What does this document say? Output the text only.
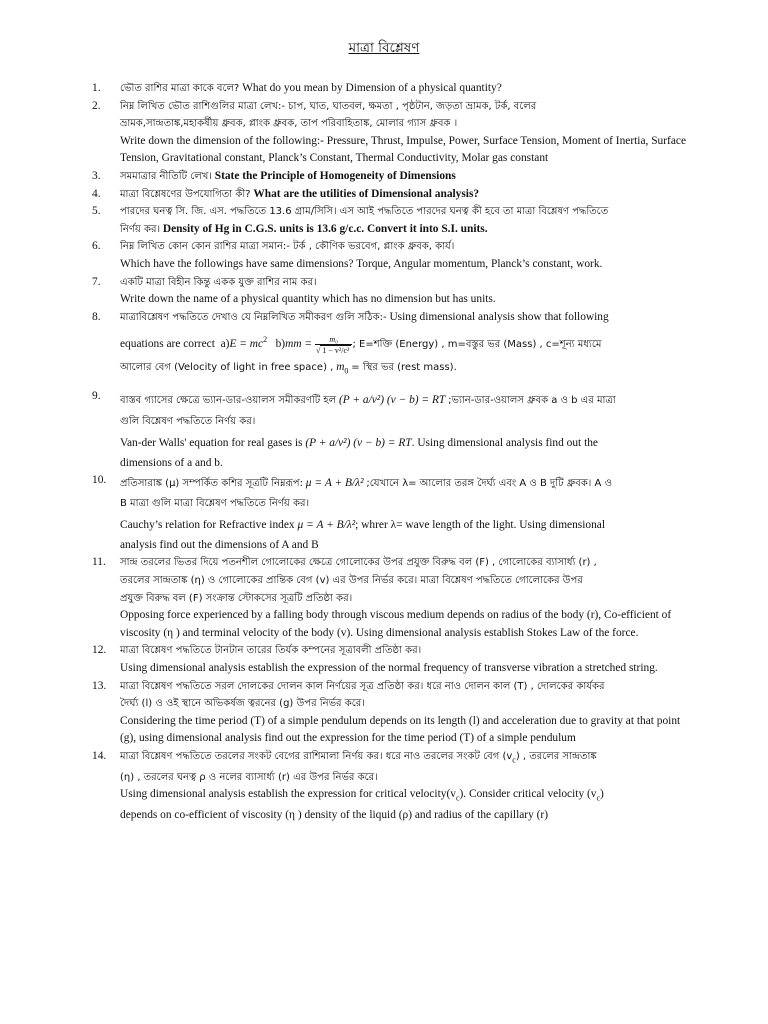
মাত্রা বিশ্লেষণ
1. ভৌত রাশির মাত্রা কাকে বলে? What do you mean by Dimension of a physical quantity?
2. নিম্ন লিখিত ভৌত রাশিগুলির মাত্রা লেখ:- চাপ, ঘাত, ঘাতবল, ক্ষমতা , পৃষ্ঠটান, জড়তা ভ্রামক, টর্ক, বলের
ভ্রামক,সান্দ্রতাঙ্ক,মহাকর্ষীয় ধ্রুবক, প্লাংক ধ্রুবক, তাপ পরিবাহিতাঙ্ক, মোলার গ্যাস ধ্রুবক ।
Write down the dimension of the following:- Pressure, Thrust, Impulse, Power, Surface Tension, Moment of Inertia, Surface Tension, Gravitational constant, Planck’s Constant, Thermal Conductivity, Molar gas constant
3. সমমাত্রার নীতিটি লেখ। State the Principle of Homogeneity of Dimensions
4. মাত্রা বিশ্লেষণের উপযোগিতা কী? What are the utilities of Dimensional analysis?
5. পারদের ঘনত্ব সি. জি. এস. পদ্ধতিতে 13.6 গ্রাম/সিসি। এস আই পদ্ধতিতে পারদের ঘনত্ব কী হবে তা মাত্রা বিশ্লেষণ পদ্ধতিতে
নির্ণয় কর। Density of Hg in C.G.S. units is 13.6 g/c.c. Convert it into S.I. units.
6. নিম্ন লিখিত কোন কোন রাশির মাত্রা সমান:- টর্ক , কৌণিক ভরবেগ, প্লাংক ধ্রুবক, কার্য।
Which have the followings have same dimensions? Torque, Angular momentum, Planck’s constant, work.
7. একটি মাত্রা বিহীন কিন্তু একক যুক্ত রাশির নাম কর।
Write down the name of a physical quantity which has no dimension but has units.
8. মাত্রাবিশ্লেষণ পদ্ধতিতে দেখাও যে নিম্নলিখিত সমীকরণ গুলি সঠিক:- Using dimensional analysis show that following
equations are correct $a)E = mc^2$ $b)mm = \frac{\text{m₀}}{\text{√ 1 − v²/c²}}$ ; E=শক্তি (Energy) , m=বস্তুর ভর (Mass) , c=শূন্য মধ্যমে
আলোর বেগ (Velocity of light in free space) , $m_0$ = স্থির ভর (rest mass).
9. বাস্তব গ্যাসের ক্ষেত্রে ভ্যান-ডার-ওয়ালস সমীকরণটি হল (P + a/v²) (v − b) = RT ;ভ্যান-ডার-ওয়ালস ধ্রুবক a ও b এর মাত্রা
গুলি বিশ্লেষণ পদ্ধতিতে নির্ণয় কর।
Van-der Walls' equation for real gases is (P + a/v²) (v − b) = RT. Using dimensional analysis find out the
dimensions of a and b.
10. প্রতিসারাঙ্ক (μ) সম্পর্কিত কশির সূত্রটি নিম্নরূপ: μ = A + B/λ² ;যেখানে λ= আলোর তরঙ্গ দৈর্ঘ্য এবং A ও B দুটি ধ্রুবক। A ও
B মাত্রা গুলি মাত্রা বিশ্লেষণ পদ্ধতিতে নির্ণয় কর।
Cauchy’s relation for Refractive index μ = A + B/λ²; whrer λ= wave length of the light. Using dimensional
analysis find out the dimensions of A and B
11. সান্দ্র তরলের ভিতর দিয়ে পতনশীল গোলোকের ক্ষেত্রে গোলোকের উপর প্রযুক্ত বিরুদ্ধ বল (F) , গোলোকের ব্যাসার্ধ্য (r) ,
তরলের সান্দ্রতাঙ্ক (η) ও গোলোকের প্রান্তিক বেগ (v) এর উপর নির্ভর করে। মাত্রা বিশ্লেষণ পদ্ধতিতে গোলোকের উপর
প্রযুক্ত বিরুদ্ধ বল (F) সংক্রান্ত স্টোকসের সূত্রটি প্রতিষ্ঠা কর।
Opposing force experienced by a falling body through viscous medium depends on radius of the body (r), Co-efficient of viscosity (η ) and terminal velocity of the body (v). Using dimensional analysis establish Stokes Law of the force.
12. মাত্রা বিশ্লেষণ পদ্ধতিতে টানটান তারের তির্যক কম্পনের সূত্রাবলী প্রতিষ্ঠা কর।
Using dimensional analysis establish the expression of the normal frequency of transverse vibration a stretched string.
13. মাত্রা বিশ্লেষণ পদ্ধতিতে সরল দোলকের দোলন কাল নির্ণয়ের সূত্র প্রতিষ্ঠা কর। ধরে নাও দোলন কাল (T) , দোলকের কার্যকর
দৈর্ঘ্য (l) ও ওই স্থানে অভিকর্ষজ ত্বরনের (g) উপর নির্ভর করে।
Considering the time period (T) of a simple pendulum depends on its length (l) and acceleration due to gravity at that point (g), using dimensional analysis find out the expression for the time period (T) of a simple pendulum
14. মাত্রা বিশ্লেষণ পদ্ধতিতে তরলের সংকট বেগের রাশিমালা নির্ণয় কর। ধরে নাও তরলের সংকট বেগ $(v_c)$ , তরলের সান্দ্রতাঙ্ক
(η) , তরলের ঘনত্ব ρ ও নলের ব্যাসার্ধ্য (r) এর উপর নির্ভর করে।
Using dimensional analysis establish the expression for critical $velocity(v_c)$. Consider critical velocity $(v_c)$
depends on co-efficient of viscosity (η ) density of the liquid (ρ) and radius of the capillary (r)
